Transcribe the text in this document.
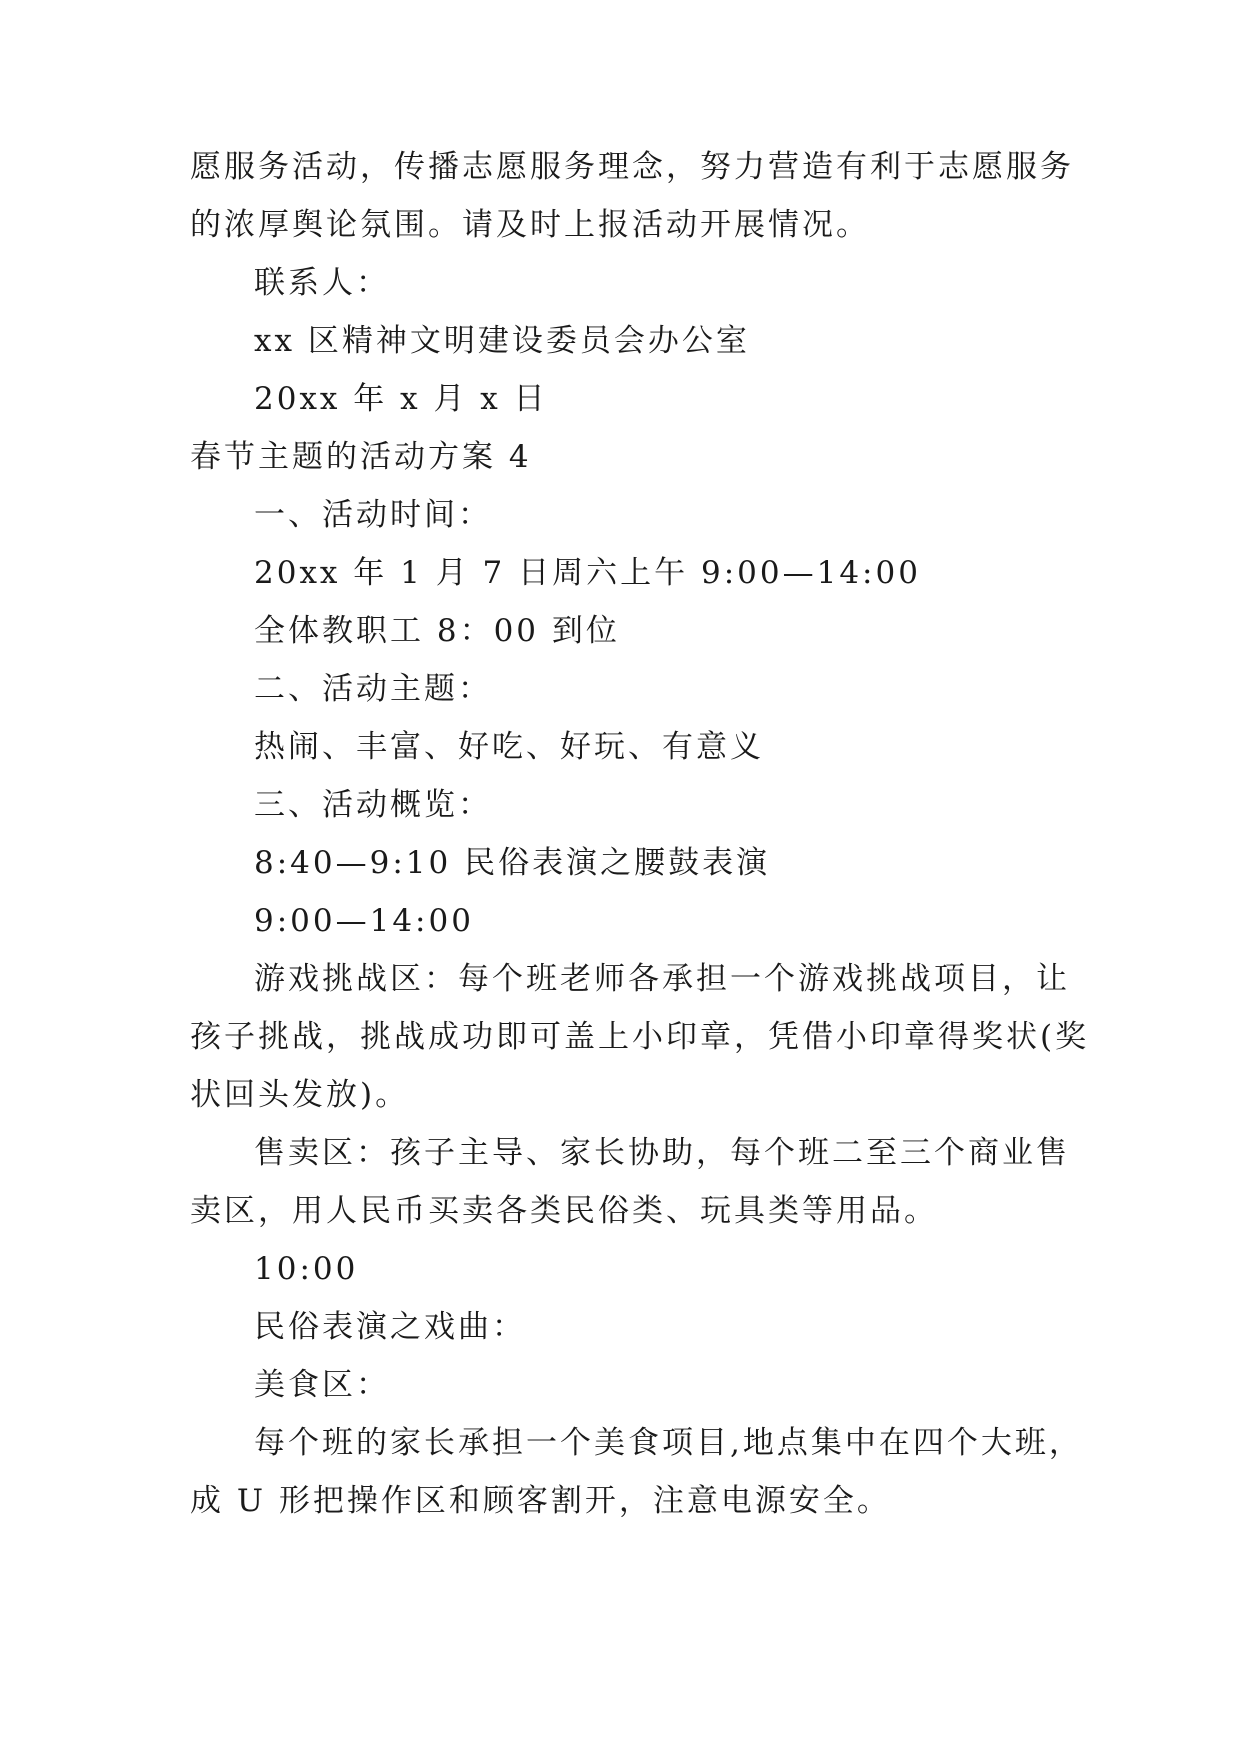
愿服务活动，传播志愿服务理念，努力营造有利于志愿服务
的浓厚舆论氛围。请及时上报活动开展情况。
联系人：
xx 区精神文明建设委员会办公室
20xx 年 x 月 x 日
春节主题的活动方案 4
一、活动时间：
20xx 年 1 月 7 日周六上午 9:00—14:00
全体教职工 8：00 到位
二、活动主题：
热闹、丰富、好吃、好玩、有意义
三、活动概览：
8:40—9:10 民俗表演之腰鼓表演
9:00—14:00
游戏挑战区：每个班老师各承担一个游戏挑战项目，让
孩子挑战，挑战成功即可盖上小印章，凭借小印章得奖状(奖
状回头发放)。
售卖区：孩子主导、家长协助，每个班二至三个商业售
卖区，用人民币买卖各类民俗类、玩具类等用品。
10:00
民俗表演之戏曲：
美食区：
每个班的家长承担一个美食项目,地点集中在四个大班，
成 U 形把操作区和顾客割开，注意电源安全。
